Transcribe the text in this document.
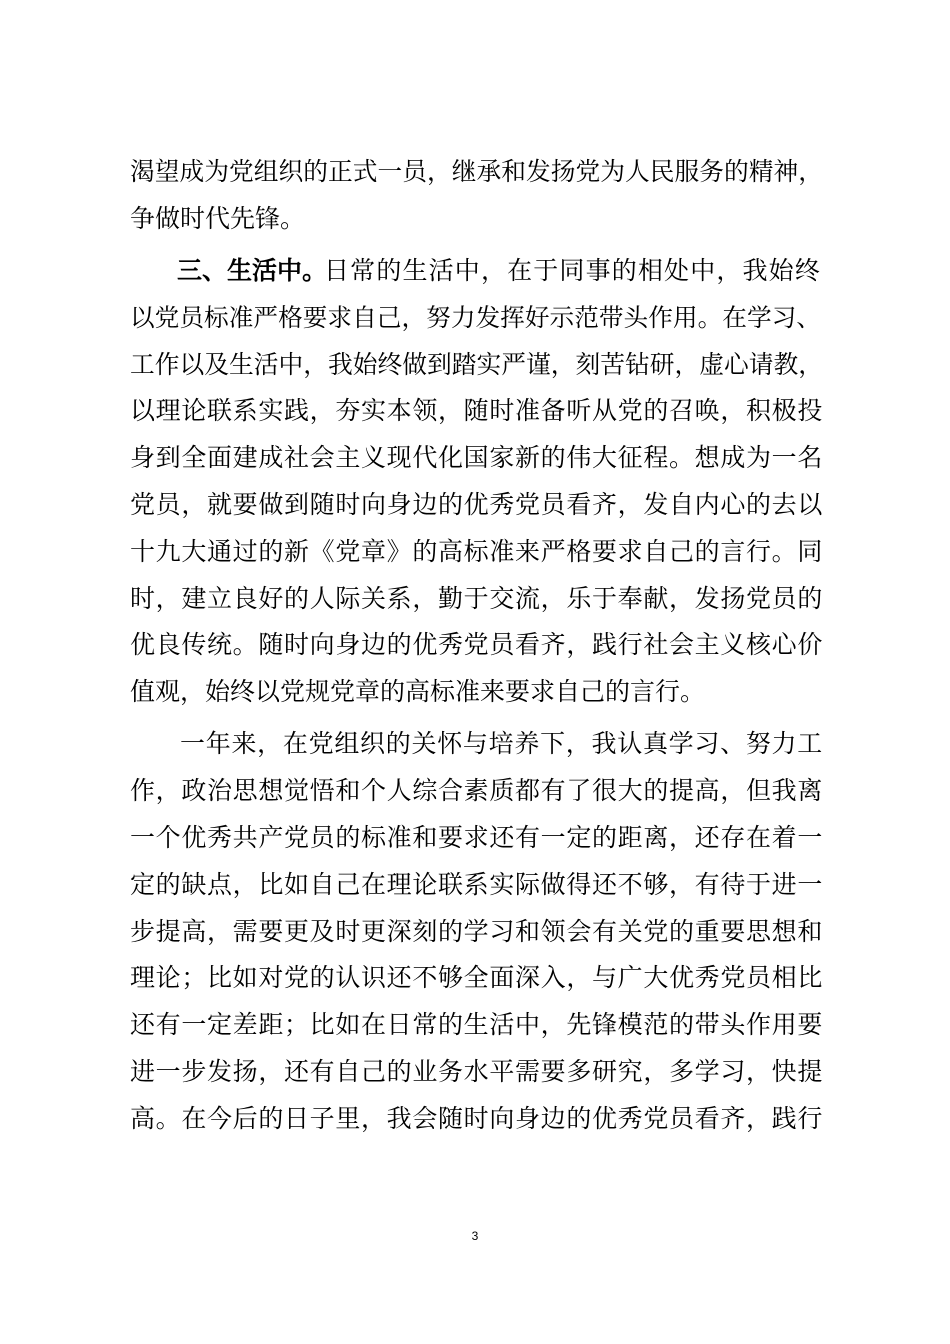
渴望成为党组织的正式一员，继承和发扬党为人民服务的精神，
争做时代先锋。
三、生活中。
日常的生活中，在于同事的相处中，我始终
以党员标准严格要求自己，努力发挥好示范带头作用。在学习、
工作以及生活中，我始终做到踏实严谨，刻苦钻研，虚心请教，
以理论联系实践，夯实本领，随时准备听从党的召唤，积极投
身到全面建成社会主义现代化国家新的伟大征程。想成为一名
党员，就要做到随时向身边的优秀党员看齐，发自内心的去以
十九大通过的新《党章》的高标准来严格要求自己的言行。同
时，建立良好的人际关系，勤于交流，乐于奉献，发扬党员的
优良传统。随时向身边的优秀党员看齐，践行社会主义核心价
值观，始终以党规党章的高标准来要求自己的言行。
一年来，在党组织的关怀与培养下，我认真学习、努力工
作，政治思想觉悟和个人综合素质都有了很大的提高，但我离
一个优秀共产党员的标准和要求还有一定的距离，还存在着一
定的缺点，比如自己在理论联系实际做得还不够，有待于进一
步提高，需要更及时更深刻的学习和领会有关党的重要思想和
理论；比如对党的认识还不够全面深入，与广大优秀党员相比
还有一定差距；比如在日常的生活中，先锋模范的带头作用要
进一步发扬，还有自己的业务水平需要多研究，多学习，快提
高。在今后的日子里，我会随时向身边的优秀党员看齐，践行
3
